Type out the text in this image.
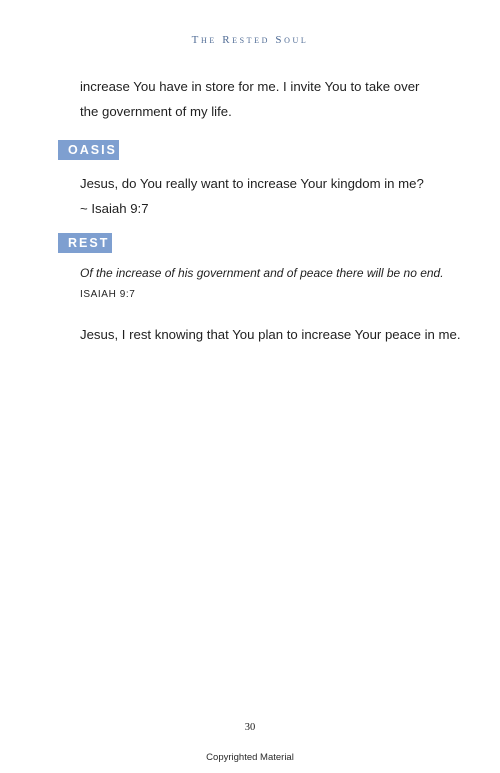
The Rested Soul
increase You have in store for me. I invite You to take over the government of my life.
OASIS
Jesus, do You really want to increase Your kingdom in me?
~ Isaiah 9:7
REST
Of the increase of his government and of peace there will be no end.
ISAIAH 9:7
Jesus, I rest knowing that You plan to increase Your peace in me.
30
Copyrighted Material
